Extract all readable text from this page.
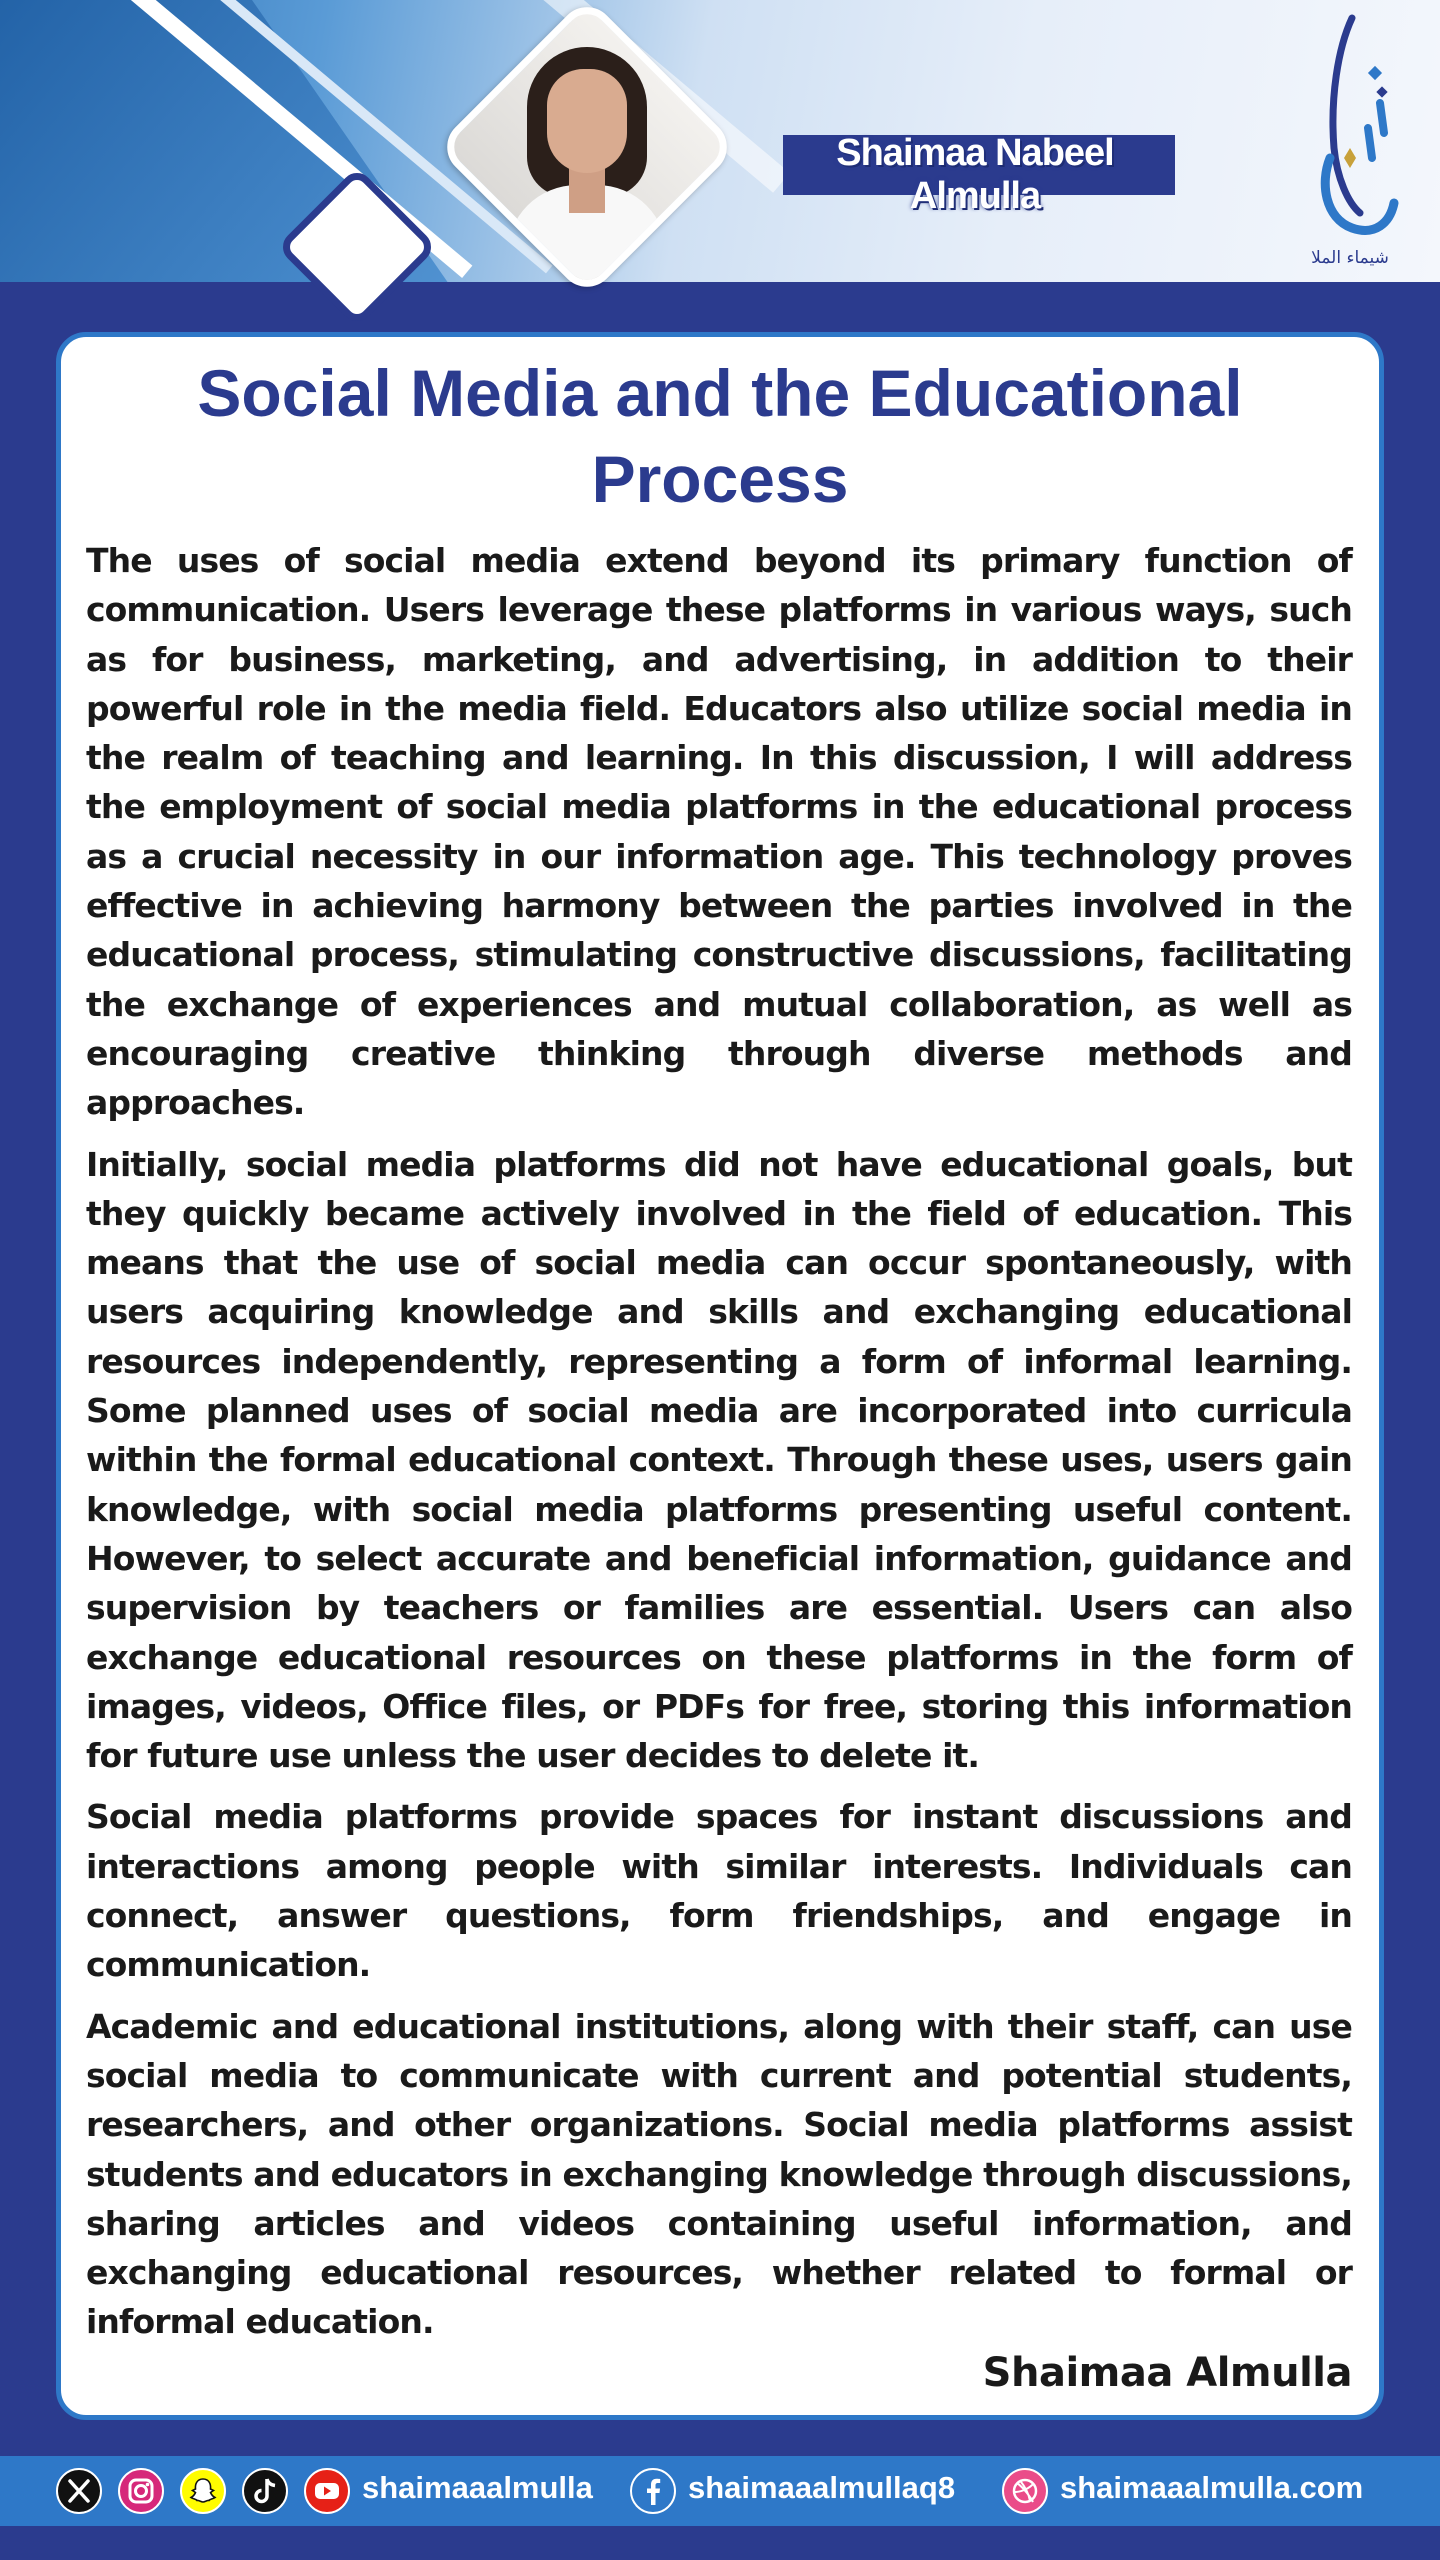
Shaimaa Nabeel Almulla
شيماء الملا
Social Media and the Educational Process

The uses of social media extend beyond its primary function of communication. Users leverage these platforms in various ways, such as for business, marketing, and advertising, in addition to their powerful role in the media field. Educators also utilize social media in the realm of teaching and learning. In this discussion, I will address the employment of social media platforms in the educational process as a crucial necessity in our information age. This technology proves effective in achieving harmony between the parties involved in the educational process, stimulating constructive discussions, facilitating the exchange of experiences and mutual collaboration, as well as encouraging creative thinking through diverse methods and approaches.

Initially, social media platforms did not have educational goals, but they quickly became actively involved in the field of education. This means that the use of social media can occur spontaneously, with users acquiring knowledge and skills and exchanging educational resources independently, representing a form of informal learning. Some planned uses of social media are incorporated into curricula within the formal educational context. Through these uses, users gain knowledge, with social media platforms presenting useful content. However, to select accurate and beneficial information, guidance and supervision by teachers or families are essential. Users can also exchange educational resources on these platforms in the form of images, videos, Office files, or PDFs for free, storing this information for future use unless the user decides to delete it.

Social media platforms provide spaces for instant discussions and interactions among people with similar interests. Individuals can connect, answer questions, form friendships, and engage in communication.

Academic and educational institutions, along with their staff, can use social media to communicate with current and potential students, researchers, and other organizations. Social media platforms assist students and educators in exchanging knowledge through discussions, sharing articles and videos containing useful information, and exchanging educational resources, whether related to formal or informal education.

Shaimaa Almulla
shaimaaalmulla	shaimaaalmullaq8	shaimaaalmulla.com
